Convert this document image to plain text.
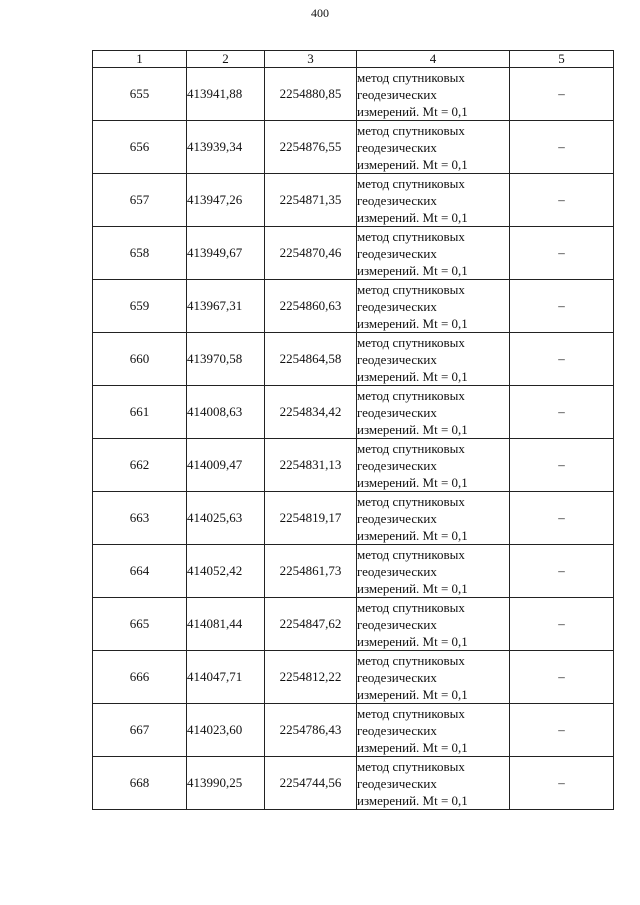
400
1	2	3	4	5
655	413941,88	2254880,85	метод спутниковых
геодезических
измерений. Mt = 0,1	–
656	413939,34	2254876,55	метод спутниковых
геодезических
измерений. Mt = 0,1	–
657	413947,26	2254871,35	метод спутниковых
геодезических
измерений. Mt = 0,1	–
658	413949,67	2254870,46	метод спутниковых
геодезических
измерений. Mt = 0,1	–
659	413967,31	2254860,63	метод спутниковых
геодезических
измерений. Mt = 0,1	–
660	413970,58	2254864,58	метод спутниковых
геодезических
измерений. Mt = 0,1	–
661	414008,63	2254834,42	метод спутниковых
геодезических
измерений. Mt = 0,1	–
662	414009,47	2254831,13	метод спутниковых
геодезических
измерений. Mt = 0,1	–
663	414025,63	2254819,17	метод спутниковых
геодезических
измерений. Mt = 0,1	–
664	414052,42	2254861,73	метод спутниковых
геодезических
измерений. Mt = 0,1	–
665	414081,44	2254847,62	метод спутниковых
геодезических
измерений. Mt = 0,1	–
666	414047,71	2254812,22	метод спутниковых
геодезических
измерений. Mt = 0,1	–
667	414023,60	2254786,43	метод спутниковых
геодезических
измерений. Mt = 0,1	–
668	413990,25	2254744,56	метод спутниковых
геодезических
измерений. Mt = 0,1	–
